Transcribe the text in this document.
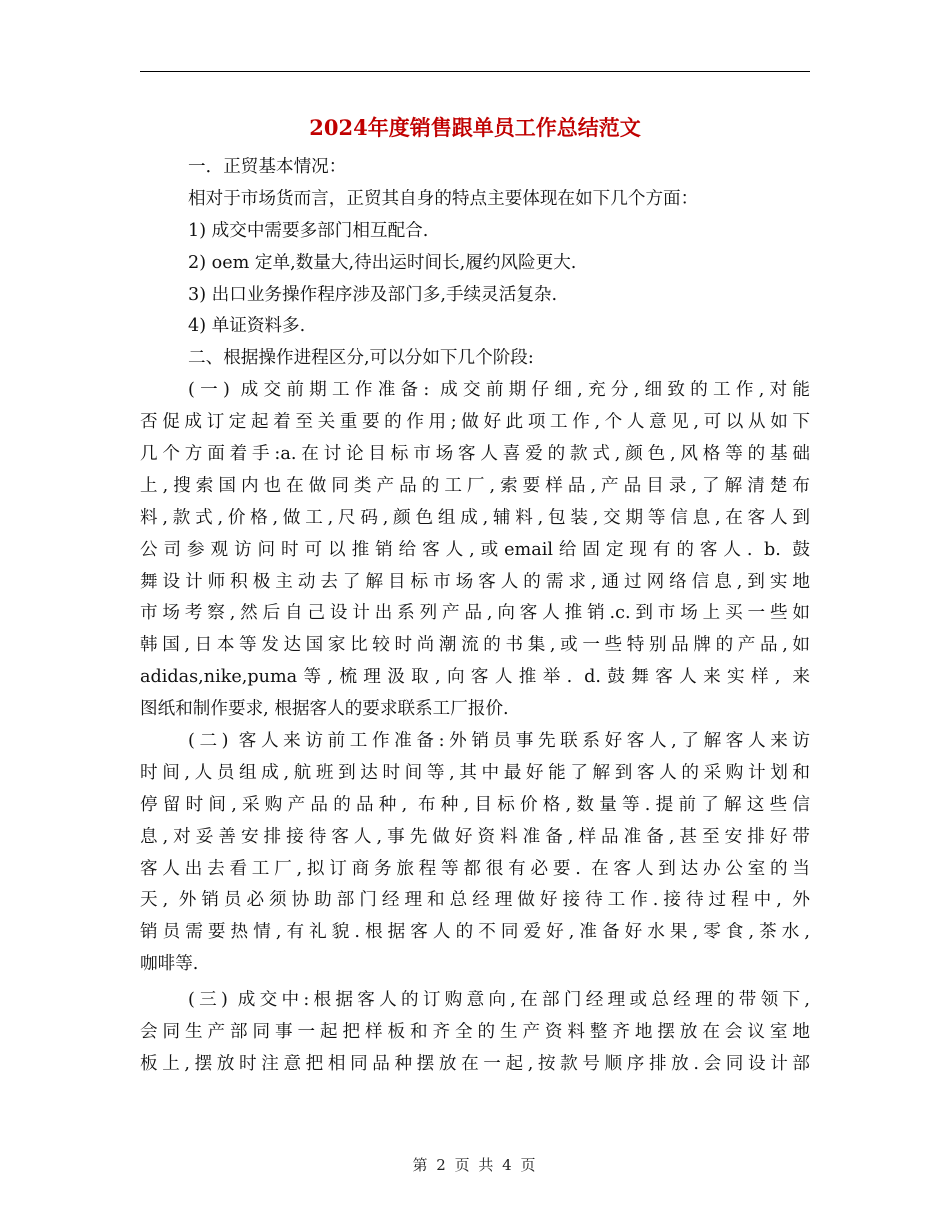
2024年度销售跟单员工作总结范文
一．正贸基本情况：
相对于市场货而言，正贸其自身的特点主要体现在如下几个方面：
1) 成交中需要多部门相互配合.
2) oem 定单,数量大,待出运时间长,履约风险更大.
3) 出口业务操作程序涉及部门多,手续灵活复杂.
4) 单证资料多.
二、根据操作进程区分,可以分如下几个阶段:
(一) 成交前期工作准备: 成交前期仔细,充分,细致的工作,对能
否促成订定起着至关重要的作用;做好此项工作,个人意见,可以从如下
几个方面着手:a.在讨论目标市场客人喜爱的款式,颜色,风格等的基础
上,搜索国内也在做同类产品的工厂,索要样品,产品目录,了解清楚布
料,款式,价格,做工,尺码,颜色组成,辅料,包装,交期等信息,在客人到
公司参观访问时可以推销给客人,或email给固定现有的客人. b. 鼓
舞设计师积极主动去了解目标市场客人的需求,通过网络信息,到实地
市场考察,然后自己设计出系列产品,向客人推销.c.到市场上买一些如
韩国,日本等发达国家比较时尚潮流的书集,或一些特别品牌的产品,如
adidas,nike,puma等,梳理汲取,向客人推举. d.鼓舞客人来实样, 来
图纸和制作要求, 根据客人的要求联系工厂报价.
(二) 客人来访前工作准备:外销员事先联系好客人,了解客人来访
时间,人员组成,航班到达时间等,其中最好能了解到客人的采购计划和
停留时间,采购产品的品种, 布种,目标价格,数量等.提前了解这些信
息,对妥善安排接待客人,事先做好资料准备,样品准备,甚至安排好带
客人出去看工厂,拟订商务旅程等都很有必要. 在客人到达办公室的当
天, 外销员必须协助部门经理和总经理做好接待工作.接待过程中, 外
销员需要热情,有礼貌.根据客人的不同爱好,准备好水果,零食,茶水,
咖啡等.
(三) 成交中:根据客人的订购意向,在部门经理或总经理的带领下,
会同生产部同事一起把样板和齐全的生产资料整齐地摆放在会议室地
板上,摆放时注意把相同品种摆放在一起,按款号顺序排放.会同设计部
第 2 页 共 4 页
